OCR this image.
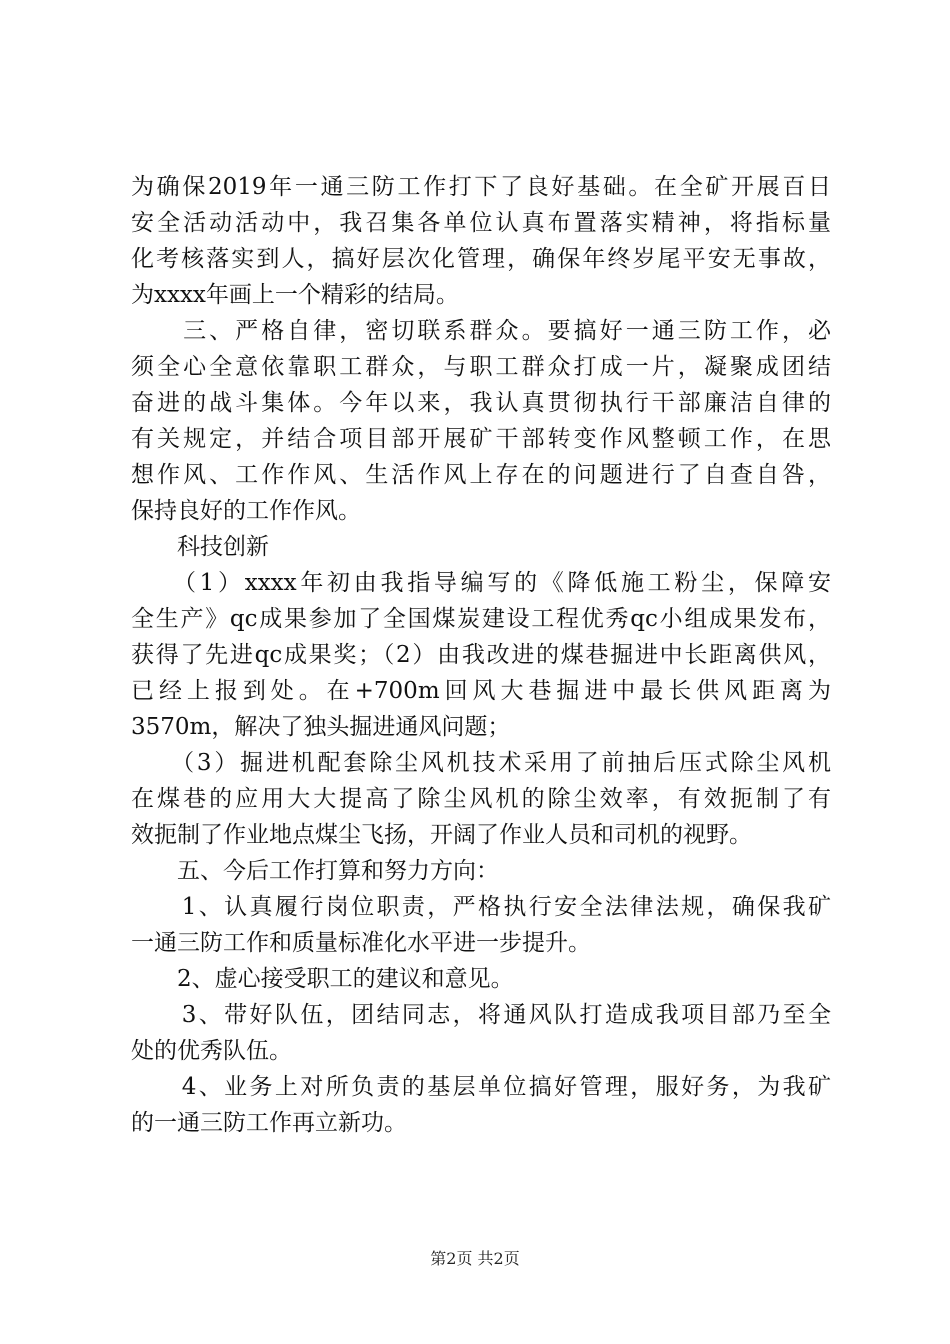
为确保2019年一通三防工作打下了良好基础。在全矿开展百日
安全活动活动中，我召集各单位认真布置落实精神，将指标量
化考核落实到人，搞好层次化管理，确保年终岁尾平安无事故，
为xxxx年画上一个精彩的结局。
　　三、严格自律，密切联系群众。要搞好一通三防工作，必
须全心全意依靠职工群众，与职工群众打成一片，凝聚成团结
奋进的战斗集体。今年以来，我认真贯彻执行干部廉洁自律的
有关规定，并结合项目部开展矿干部转变作风整顿工作，在思
想作风、工作作风、生活作风上存在的问题进行了自查自咎，
保持良好的工作作风。
　　科技创新
　　（1）xxxx年初由我指导编写的《降低施工粉尘，保障安
全生产》qc成果参加了全国煤炭建设工程优秀qc小组成果发布，
获得了先进qc成果奖；（2）由我改进的煤巷掘进中长距离供风，
已经上报到处。在+700m回风大巷掘进中最长供风距离为
3570m，解决了独头掘进通风问题；
　　（3）掘进机配套除尘风机技术采用了前抽后压式除尘风机
在煤巷的应用大大提高了除尘风机的除尘效率，有效扼制了有
效扼制了作业地点煤尘飞扬，开阔了作业人员和司机的视野。
　　五、今后工作打算和努力方向：
　　1、认真履行岗位职责，严格执行安全法律法规，确保我矿
一通三防工作和质量标准化水平进一步提升。
　　2、虚心接受职工的建议和意见。
　　3、带好队伍，团结同志，将通风队打造成我项目部乃至全
处的优秀队伍。
　　4、业务上对所负责的基层单位搞好管理，服好务，为我矿
的一通三防工作再立新功。
第2页 共2页
